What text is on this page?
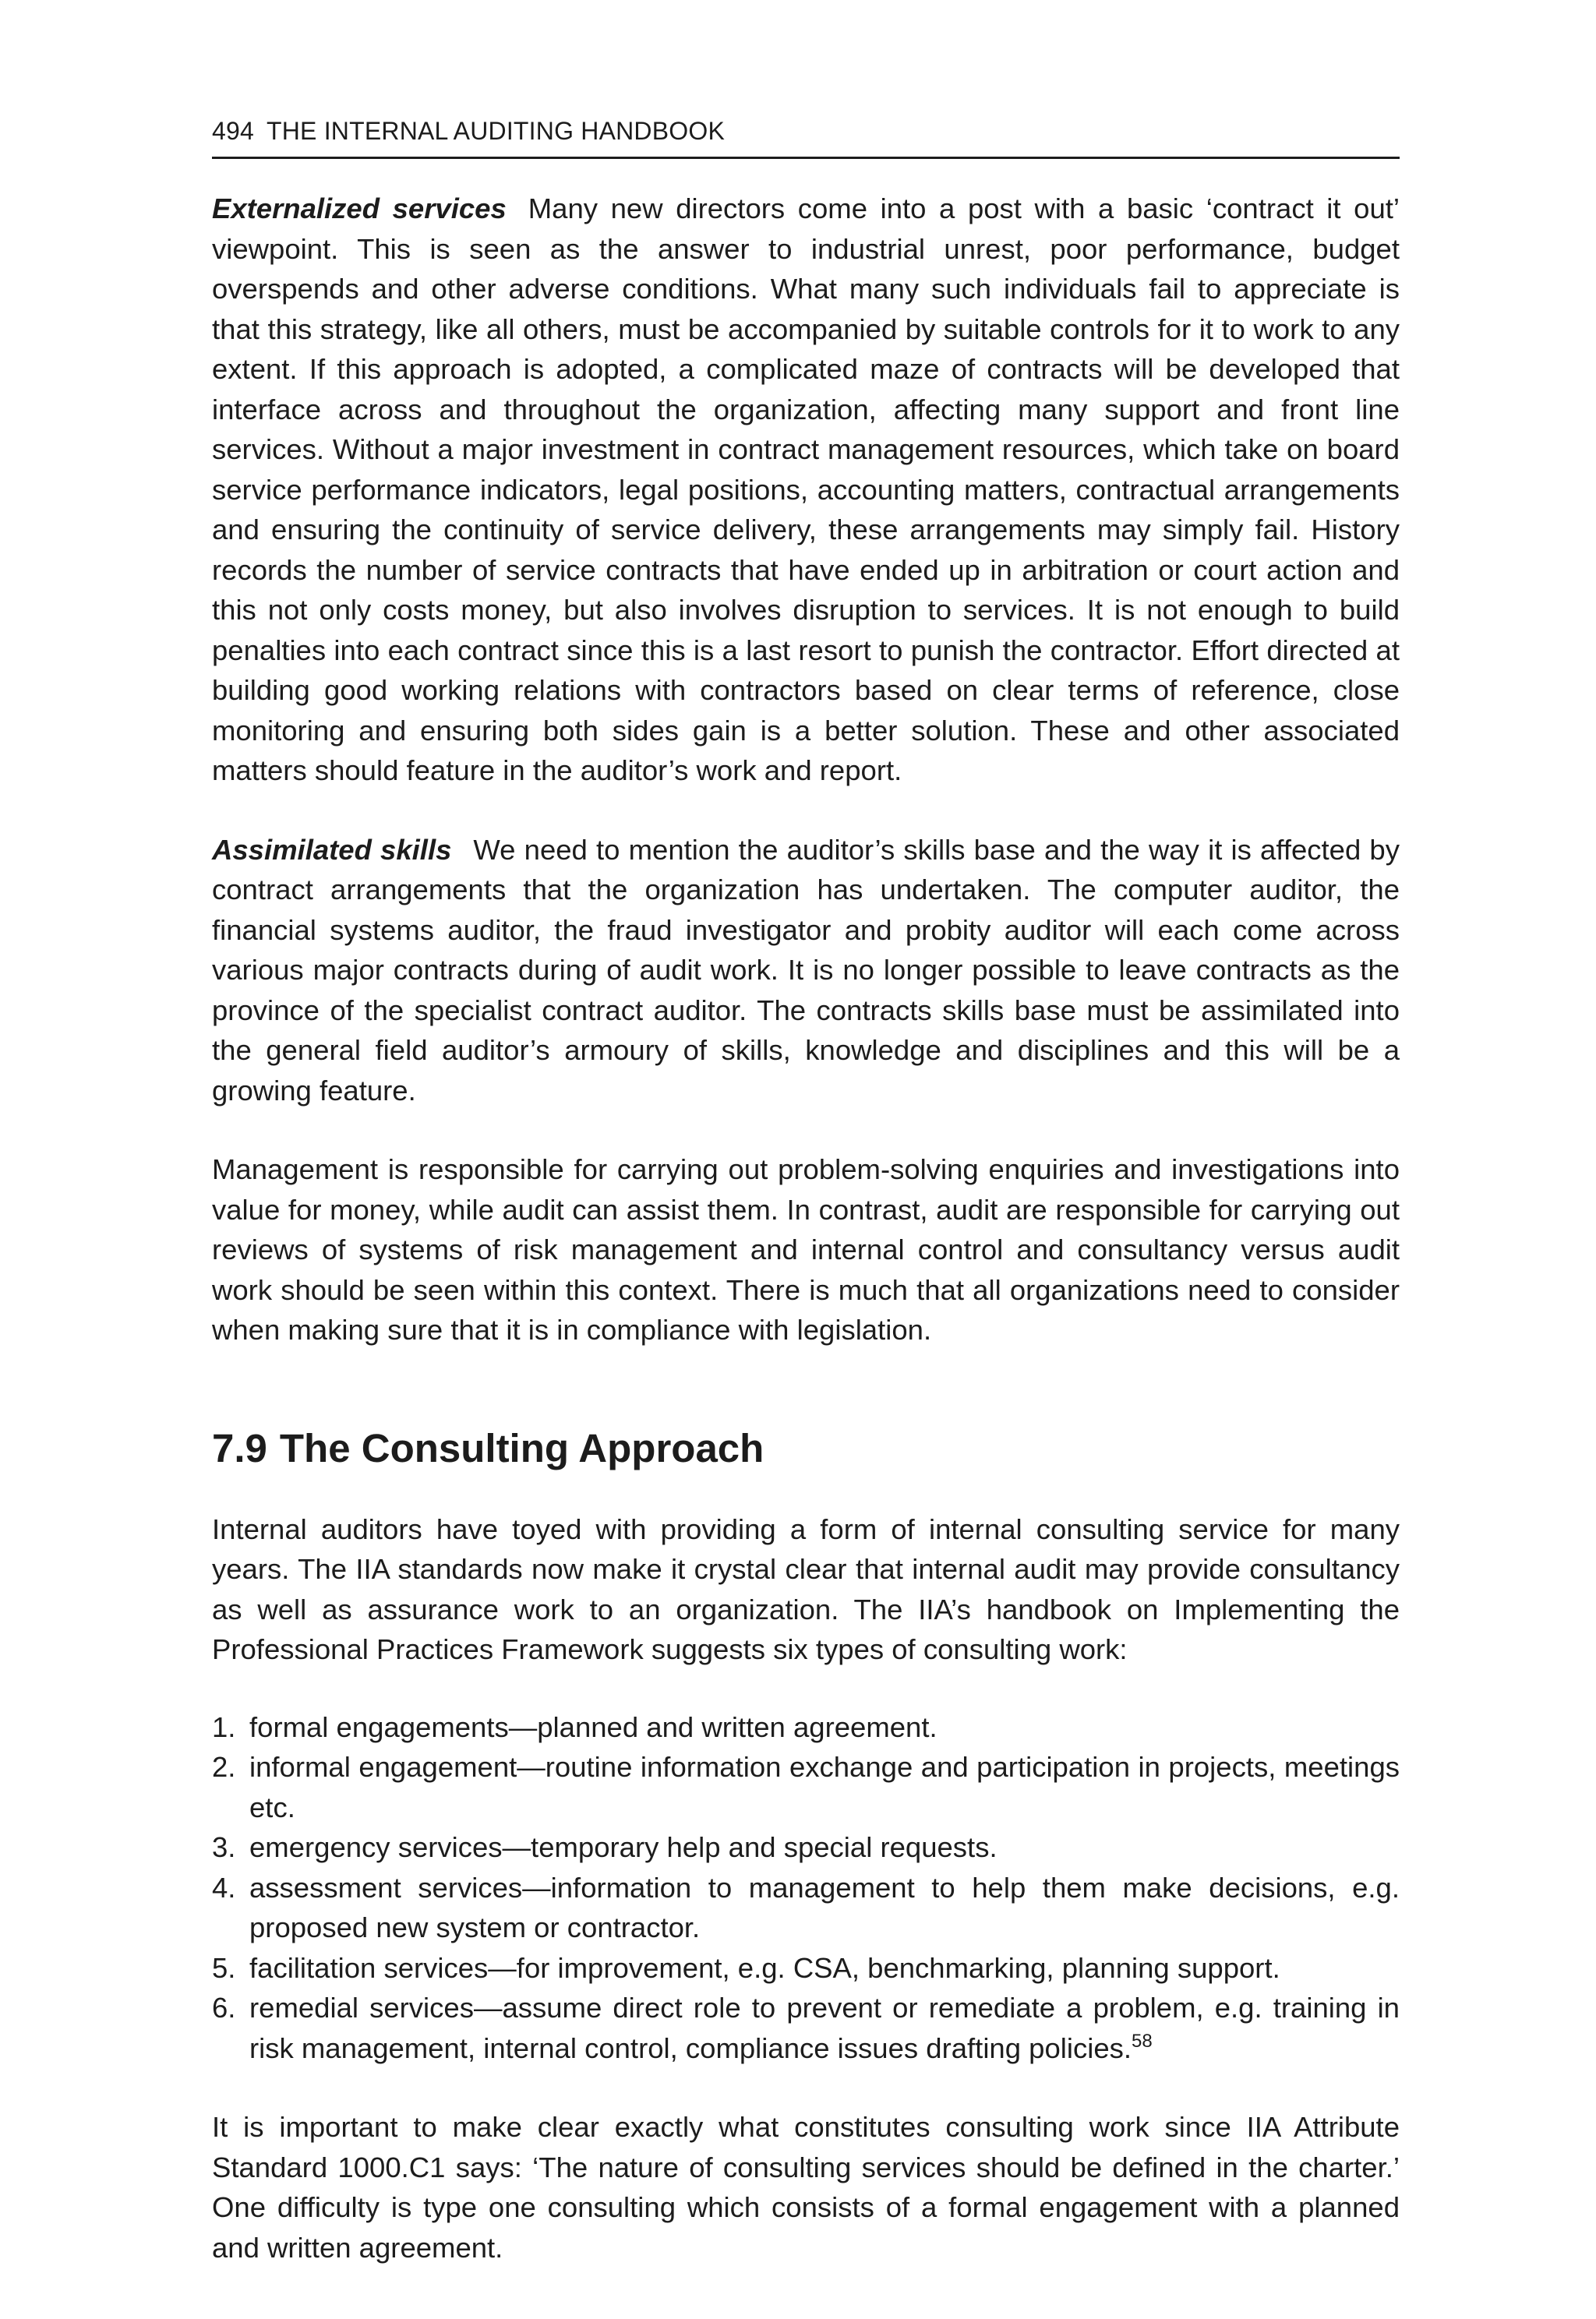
494 THE INTERNAL AUDITING HANDBOOK

Externalized services Many new directors come into a post with a basic ‘contract it out’ viewpoint. This is seen as the answer to industrial unrest, poor performance, budget overspends and other adverse conditions. What many such individuals fail to appreciate is that this strategy, like all others, must be accompanied by suitable controls for it to work to any extent. If this approach is adopted, a complicated maze of contracts will be developed that interface across and throughout the organization, affecting many support and front line services. Without a major investment in contract management resources, which take on board service performance indicators, legal positions, accounting matters, contractual arrangements and ensuring the continuity of service delivery, these arrangements may simply fail. History records the number of service contracts that have ended up in arbitration or court action and this not only costs money, but also involves disruption to services. It is not enough to build penalties into each contract since this is a last resort to punish the contractor. Effort directed at building good working relations with contractors based on clear terms of reference, close monitoring and ensuring both sides gain is a better solution. These and other associated matters should feature in the auditor’s work and report.

Assimilated skills We need to mention the auditor’s skills base and the way it is affected by contract arrangements that the organization has undertaken. The computer auditor, the financial systems auditor, the fraud investigator and probity auditor will each come across various major contracts during of audit work. It is no longer possible to leave contracts as the province of the specialist contract auditor. The contracts skills base must be assimilated into the general field auditor’s armoury of skills, knowledge and disciplines and this will be a growing feature.

Management is responsible for carrying out problem-solving enquiries and investigations into value for money, while audit can assist them. In contrast, audit are responsible for carrying out reviews of systems of risk management and internal control and consultancy versus audit work should be seen within this context. There is much that all organizations need to consider when making sure that it is in compliance with legislation.

7.9 The Consulting Approach

Internal auditors have toyed with providing a form of internal consulting service for many years. The IIA standards now make it crystal clear that internal audit may provide consultancy as well as assurance work to an organization. The IIA’s handbook on Implementing the Professional Practices Framework suggests six types of consulting work:

1. formal engagements—planned and written agreement.
2. informal engagement—routine information exchange and participation in projects, meetings etc.
3. emergency services—temporary help and special requests.
4. assessment services—information to management to help them make decisions, e.g. proposed new system or contractor.
5. facilitation services—for improvement, e.g. CSA, benchmarking, planning support.
6. remedial services—assume direct role to prevent or remediate a problem, e.g. training in risk management, internal control, compliance issues drafting policies.$^{58}$

It is important to make clear exactly what constitutes consulting work since IIA Attribute Standard 1000.C1 says: ‘The nature of consulting services should be defined in the charter.’ One difficulty is type one consulting which consists of a formal engagement with a planned and written agreement.
